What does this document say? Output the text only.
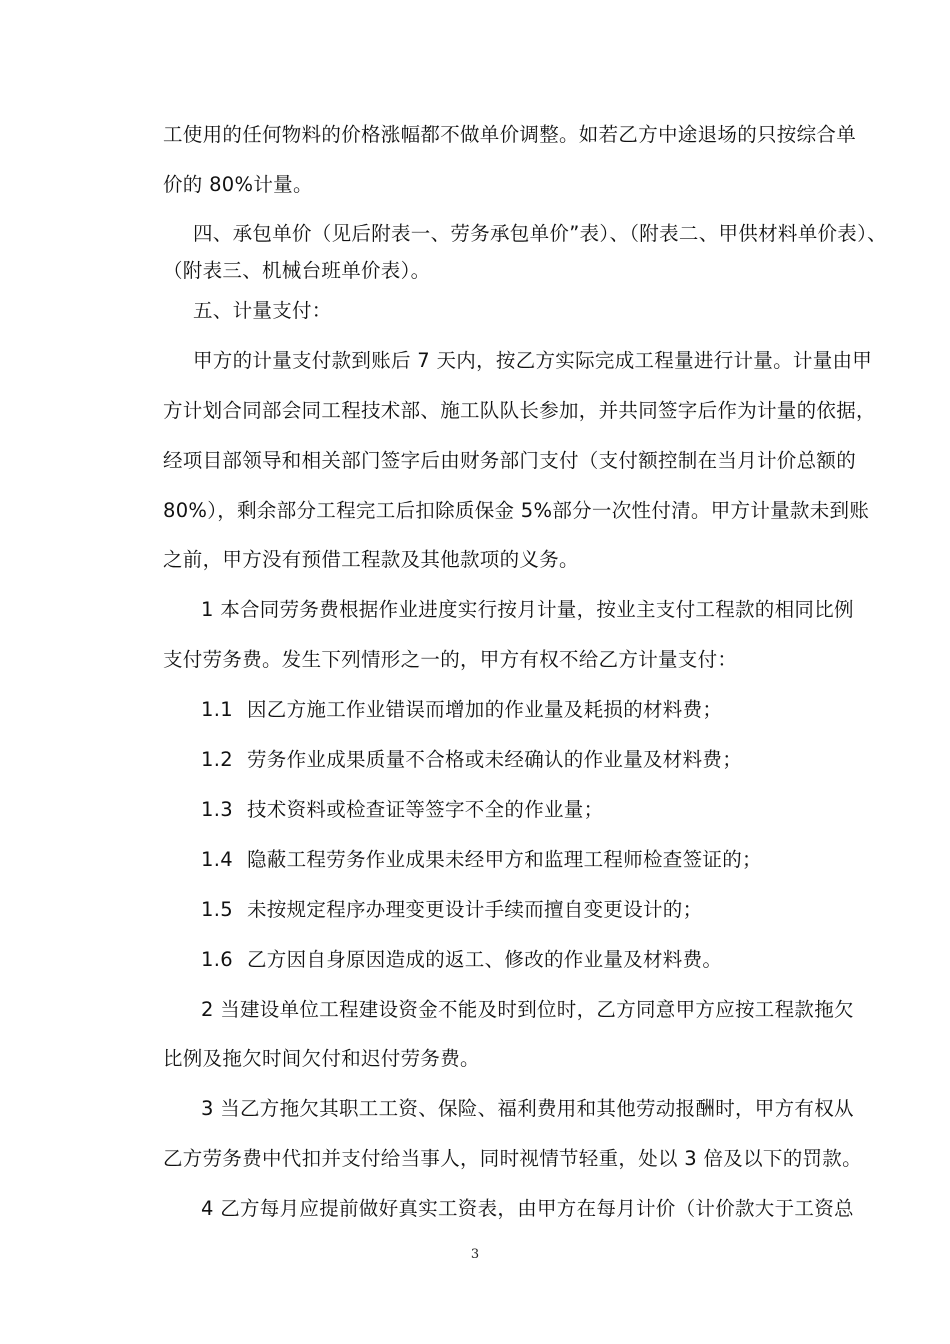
工使用的任何物料的价格涨幅都不做单价调整。如若乙方中途退场的只按综合单
价的 80%计量。
四、承包单价（见后附表一、劳务承包单价”表）、（附表二、甲供材料单价表）、
（附表三、机械台班单价表）。
五、计量支付：
甲方的计量支付款到账后 7 天内，按乙方实际完成工程量进行计量。计量由甲
方计划合同部会同工程技术部、施工队队长参加，并共同签字后作为计量的依据，
经项目部领导和相关部门签字后由财务部门支付（支付额控制在当月计价总额的
80%），剩余部分工程完工后扣除质保金 5%部分一次性付清。甲方计量款未到账
之前，甲方没有预借工程款及其他款项的义务。
1 本合同劳务费根据作业进度实行按月计量，按业主支付工程款的相同比例
支付劳务费。发生下列情形之一的，甲方有权不给乙方计量支付：
1.1 因乙方施工作业错误而增加的作业量及耗损的材料费；
1.2 劳务作业成果质量不合格或未经确认的作业量及材料费；
1.3 技术资料或检查证等签字不全的作业量；
1.4 隐蔽工程劳务作业成果未经甲方和监理工程师检查签证的；
1.5 未按规定程序办理变更设计手续而擅自变更设计的；
1.6 乙方因自身原因造成的返工、修改的作业量及材料费。
2 当建设单位工程建设资金不能及时到位时，乙方同意甲方应按工程款拖欠
比例及拖欠时间欠付和迟付劳务费。
3 当乙方拖欠其职工工资、保险、福利费用和其他劳动报酬时，甲方有权从
乙方劳务费中代扣并支付给当事人，同时视情节轻重，处以 3 倍及以下的罚款。
4 乙方每月应提前做好真实工资表，由甲方在每月计价（计价款大于工资总
3
